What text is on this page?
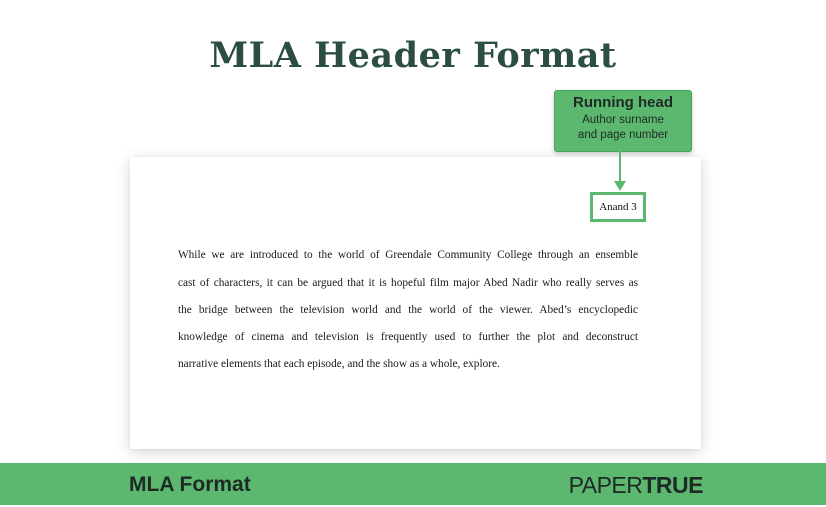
MLA Header Format
Running head
Author surname
and page number
Anand 3
While we are introduced to the world of Greendale Community College through an ensemble
cast of characters, it can be argued that it is hopeful film major Abed Nadir who really serves as
the bridge between the television world and the world of the viewer. Abed’s encyclopedic
knowledge of cinema and television is frequently used to further the plot and deconstruct
narrative elements that each episode, and the show as a whole, explore.
MLA Format	PAPERTRUE
